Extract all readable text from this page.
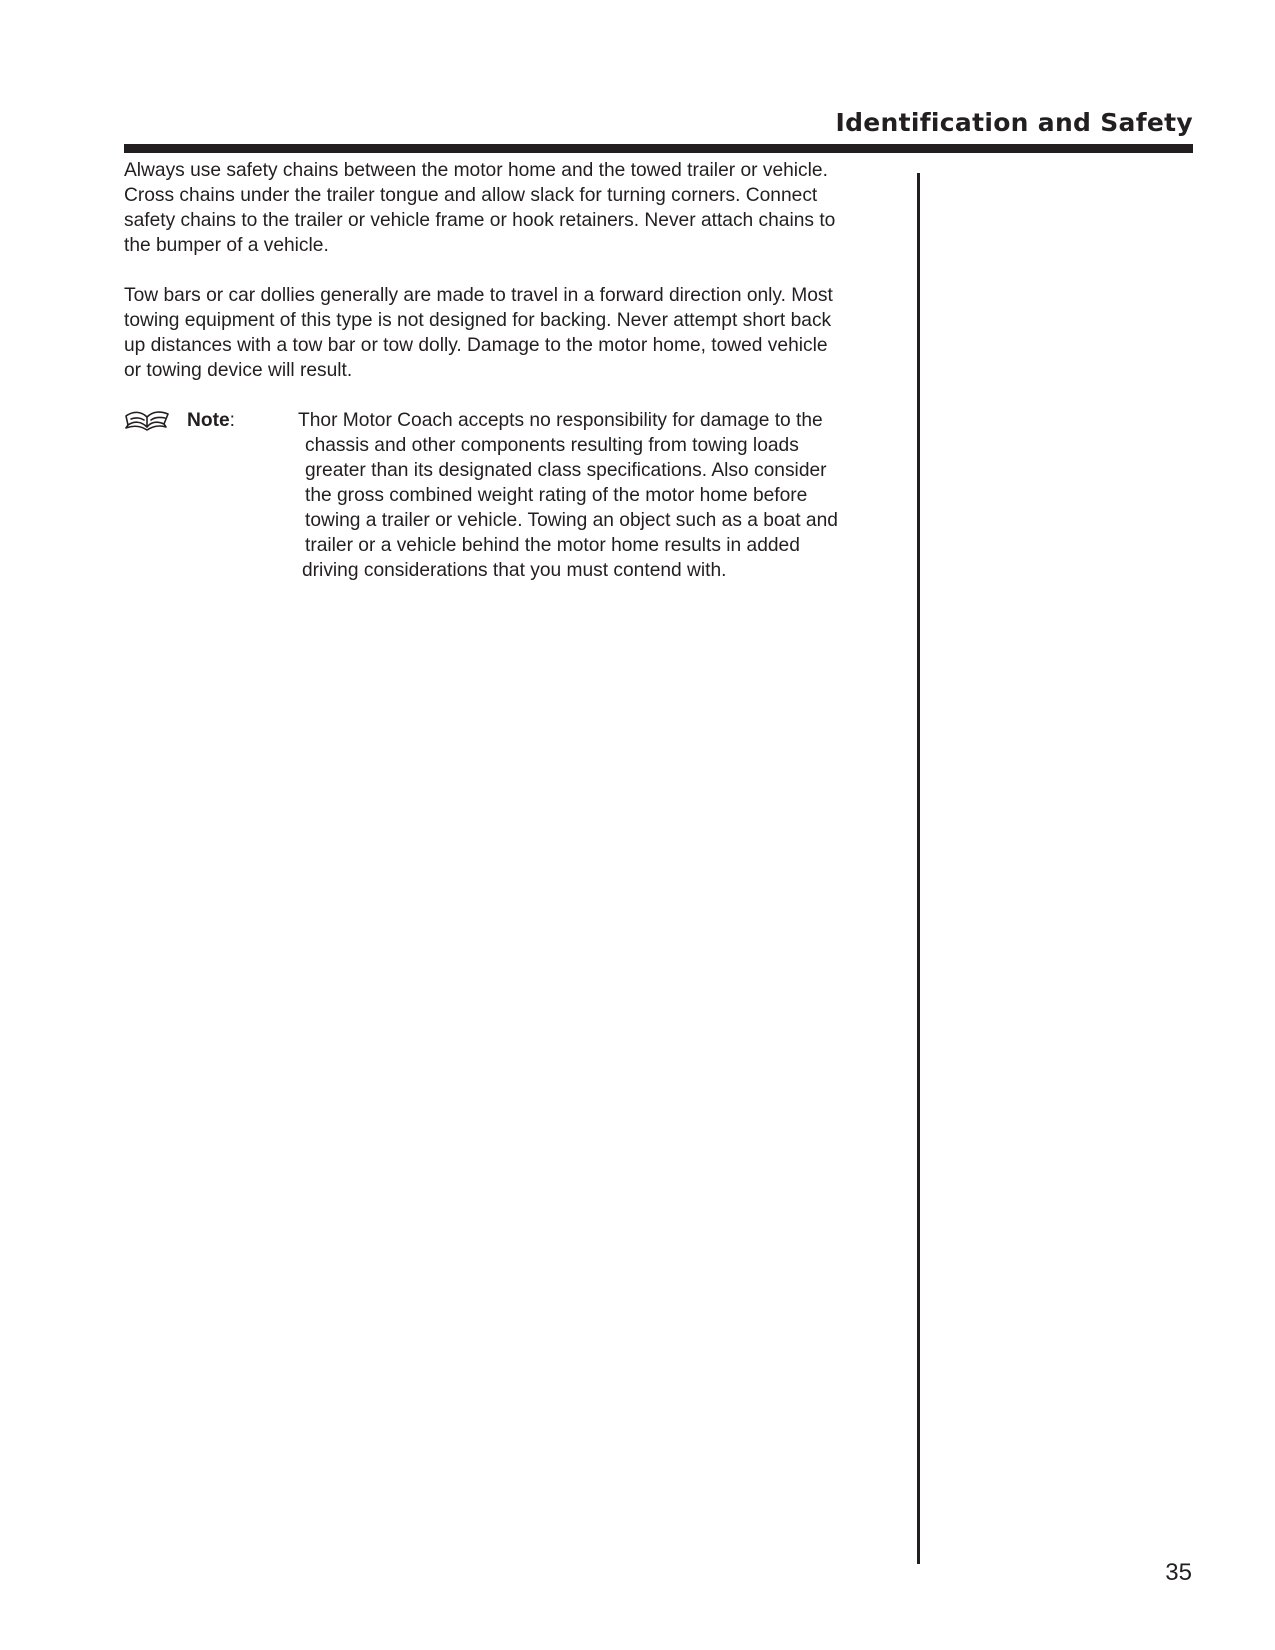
Identification and Safety

Always use safety chains between the motor home and the towed trailer or vehicle.
Cross chains under the trailer tongue and allow slack for turning corners. Connect
safety chains to the trailer or vehicle frame or hook retainers. Never attach chains to
the bumper of a vehicle.

Tow bars or car dollies generally are made to travel in a forward direction only. Most
towing equipment of this type is not designed for backing. Never attempt short back
up distances with a tow bar or tow dolly. Damage to the motor home, towed vehicle
or towing device will result.

Note:	Thor Motor Coach accepts no responsibility for damage to the
chassis and other components resulting from towing loads
greater than its designated class specifications. Also consider
the gross combined weight rating of the motor home before
towing a trailer or vehicle. Towing an object such as a boat and
trailer or a vehicle behind the motor home results in added
driving considerations that you must contend with.

35
